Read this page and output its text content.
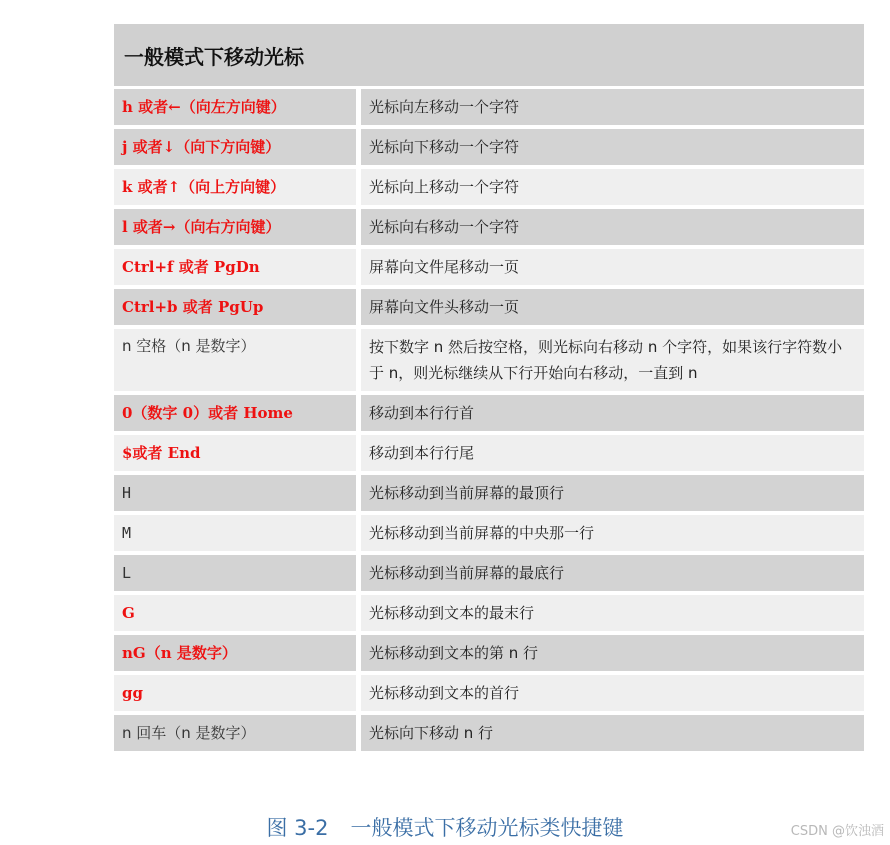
一般模式下移动光标
h 或者←（向左方向键）	光标向左移动一个字符
j 或者↓（向下方向键）	光标向下移动一个字符
k 或者↑（向上方向键）	光标向上移动一个字符
l 或者→（向右方向键）	光标向右移动一个字符
Ctrl+f 或者 PgDn	屏幕向文件尾移动一页
Ctrl+b 或者 PgUp	屏幕向文件头移动一页
n 空格（n 是数字）	按下数字 n 然后按空格，则光标向右移动 n 个字符，如果该行字符数小于 n，则光标继续从下行开始向右移动，一直到 n
0（数字 0）或者 Home	移动到本行行首
$或者 End	移动到本行行尾
H	光标移动到当前屏幕的最顶行
M	光标移动到当前屏幕的中央那一行
L	光标移动到当前屏幕的最底行
G	光标移动到文本的最末行
nG（n 是数字）	光标移动到文本的第 n 行
gg	光标移动到文本的首行
n 回车（n 是数字）	光标向下移动 n 行
图 3-2 一般模式下移动光标类快捷键	CSDN @饮浊酒
